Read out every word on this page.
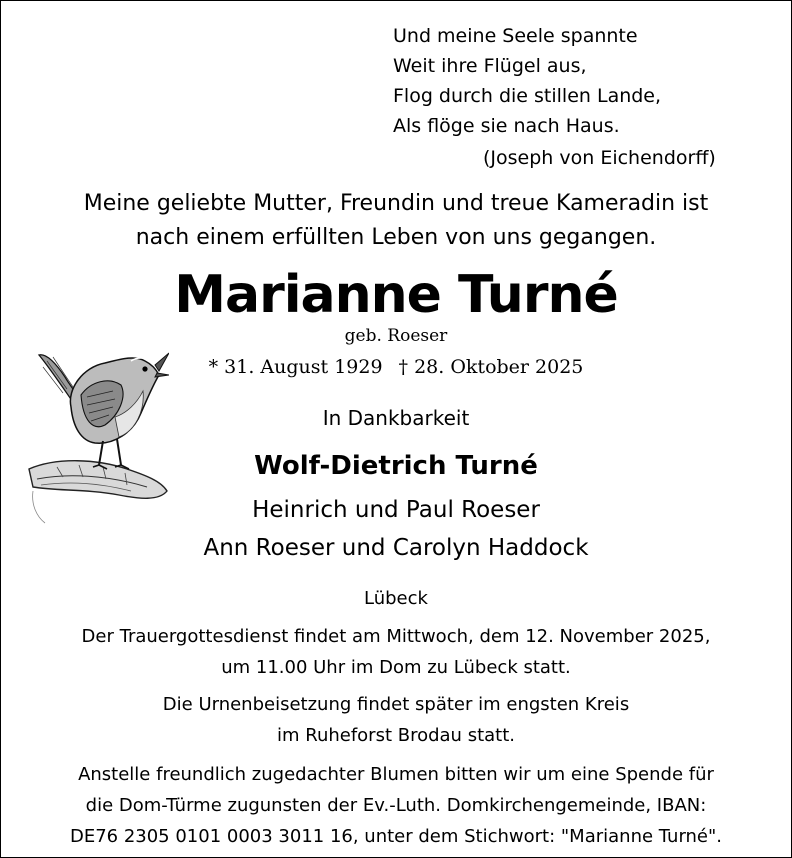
Und meine Seele spannte
Weit ihre Flügel aus,
Flog durch die stillen Lande,
Als flöge sie nach Haus.
(Joseph von Eichendorff)
Meine geliebte Mutter, Freundin und treue Kameradin ist
nach einem erfüllten Leben von uns gegangen.
Marianne Turné
geb. Roeser
* 31. August 1929 † 28. Oktober 2025
In Dankbarkeit
Wolf-Dietrich Turné
Heinrich und Paul Roeser
Ann Roeser und Carolyn Haddock
Lübeck
Der Trauergottesdienst findet am Mittwoch, dem 12. November 2025,
um 11.00 Uhr im Dom zu Lübeck statt.
Die Urnenbeisetzung findet später im engsten Kreis
im Ruheforst Brodau statt.
Anstelle freundlich zugedachter Blumen bitten wir um eine Spende für
die Dom-Türme zugunsten der Ev.-Luth. Domkirchengemeinde, IBAN:
DE76 2305 0101 0003 3011 16, unter dem Stichwort: "Marianne Turné".
